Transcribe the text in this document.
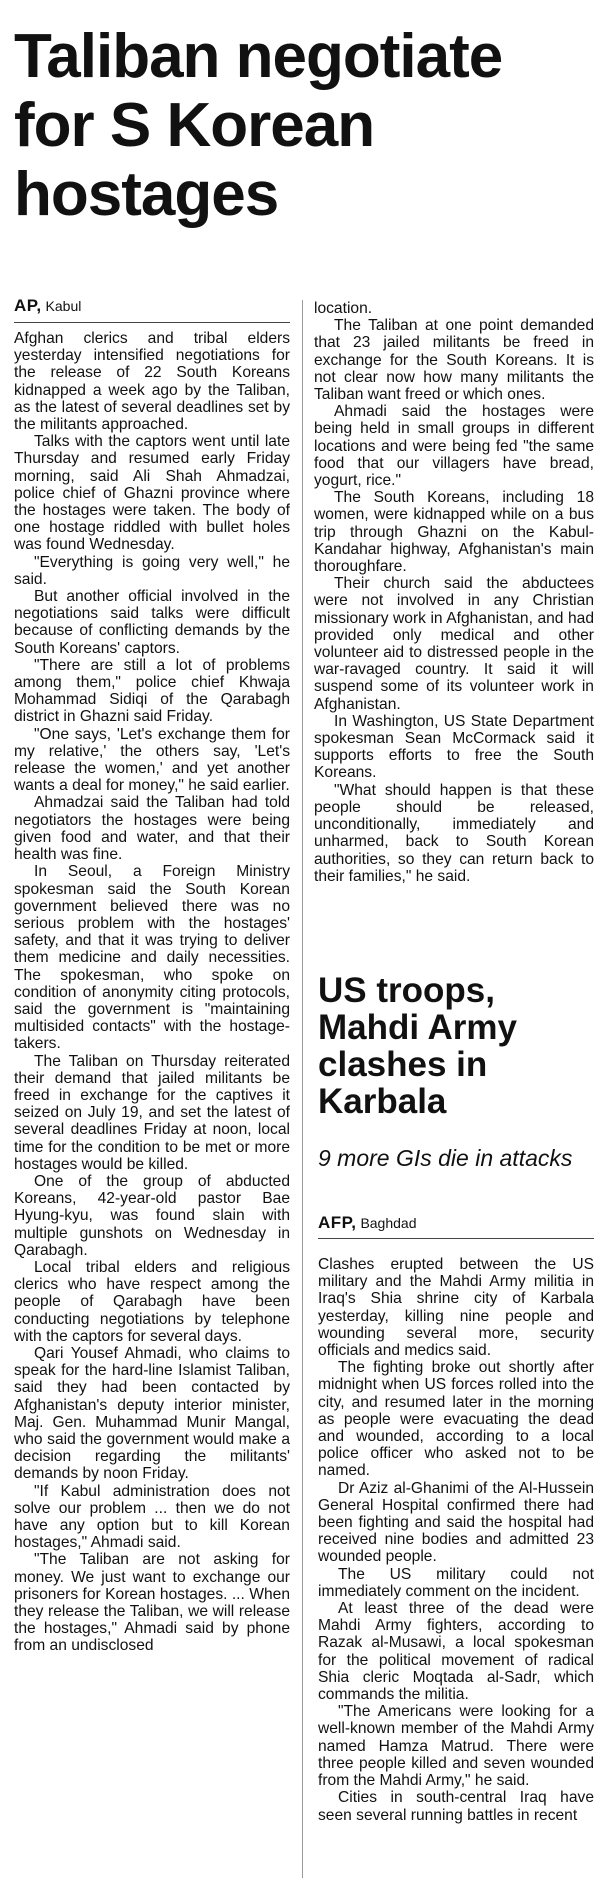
Taliban negotiate for S Korean hostages
AP, Kabul

Afghan clerics and tribal elders yesterday intensified negotiations for the release of 22 South Koreans kidnapped a week ago by the Taliban, as the latest of several deadlines set by the militants approached.

Talks with the captors went until late Thursday and resumed early Friday morning, said Ali Shah Ahmadzai, police chief of Ghazni province where the hostages were taken. The body of one hostage riddled with bullet holes was found Wednesday.

"Everything is going very well," he said.

But another official involved in the negotiations said talks were difficult because of conflicting demands by the South Koreans' captors.

"There are still a lot of problems among them," police chief Khwaja Mohammad Sidiqi of the Qarabagh district in Ghazni said Friday.

"One says, 'Let's exchange them for my relative,' the others say, 'Let's release the women,' and yet another wants a deal for money," he said earlier.

Ahmadzai said the Taliban had told negotiators the hostages were being given food and water, and that their health was fine.

In Seoul, a Foreign Ministry spokesman said the South Korean government believed there was no serious problem with the hostages' safety, and that it was trying to deliver them medicine and daily necessities. The spokesman, who spoke on condition of anonymity citing protocols, said the government is "maintaining multisided contacts" with the hostage-takers.

The Taliban on Thursday reiterated their demand that jailed militants be freed in exchange for the captives it seized on July 19, and set the latest of several deadlines Friday at noon, local time for the condition to be met or more hostages would be killed.

One of the group of abducted Koreans, 42-year-old pastor Bae Hyung-kyu, was found slain with multiple gunshots on Wednesday in Qarabagh.

Local tribal elders and religious clerics who have respect among the people of Qarabagh have been conducting negotiations by telephone with the captors for several days.

Qari Yousef Ahmadi, who claims to speak for the hard-line Islamist Taliban, said they had been contacted by Afghanistan's deputy interior minister, Maj. Gen. Muhammad Munir Mangal, who said the government would make a decision regarding the militants' demands by noon Friday.

"If Kabul administration does not solve our problem ... then we do not have any option but to kill Korean hostages," Ahmadi said.

"The Taliban are not asking for money. We just want to exchange our prisoners for Korean hostages. ... When they release the Taliban, we will release the hostages," Ahmadi said by phone from an undisclosed

location.

The Taliban at one point demanded that 23 jailed militants be freed in exchange for the South Koreans. It is not clear now how many militants the Taliban want freed or which ones.

Ahmadi said the hostages were being held in small groups in different locations and were being fed "the same food that our villagers have bread, yogurt, rice."

The South Koreans, including 18 women, were kidnapped while on a bus trip through Ghazni on the Kabul-Kandahar highway, Afghanistan's main thoroughfare.

Their church said the abductees were not involved in any Christian missionary work in Afghanistan, and had provided only medical and other volunteer aid to distressed people in the war-ravaged country. It said it will suspend some of its volunteer work in Afghanistan.

In Washington, US State Department spokesman Sean McCormack said it supports efforts to free the South Koreans.

"What should happen is that these people should be released, unconditionally, immediately and unharmed, back to South Korean authorities, so they can return back to their families," he said.

US troops, Mahdi Army clashes in Karbala

9 more GIs die in attacks

AFP, Baghdad

Clashes erupted between the US military and the Mahdi Army militia in Iraq's Shia shrine city of Karbala yesterday, killing nine people and wounding several more, security officials and medics said.

The fighting broke out shortly after midnight when US forces rolled into the city, and resumed later in the morning as people were evacuating the dead and wounded, according to a local police officer who asked not to be named.

Dr Aziz al-Ghanimi of the Al-Hussein General Hospital confirmed there had been fighting and said the hospital had received nine bodies and admitted 23 wounded people.

The US military could not immediately comment on the incident.

At least three of the dead were Mahdi Army fighters, according to Razak al-Musawi, a local spokesman for the political movement of radical Shia cleric Moqtada al-Sadr, which commands the militia.

"The Americans were looking for a well-known member of the Mahdi Army named Hamza Matrud. There were three people killed and seven wounded from the Mahdi Army," he said.

Cities in south-central Iraq have seen several running battles in recent
